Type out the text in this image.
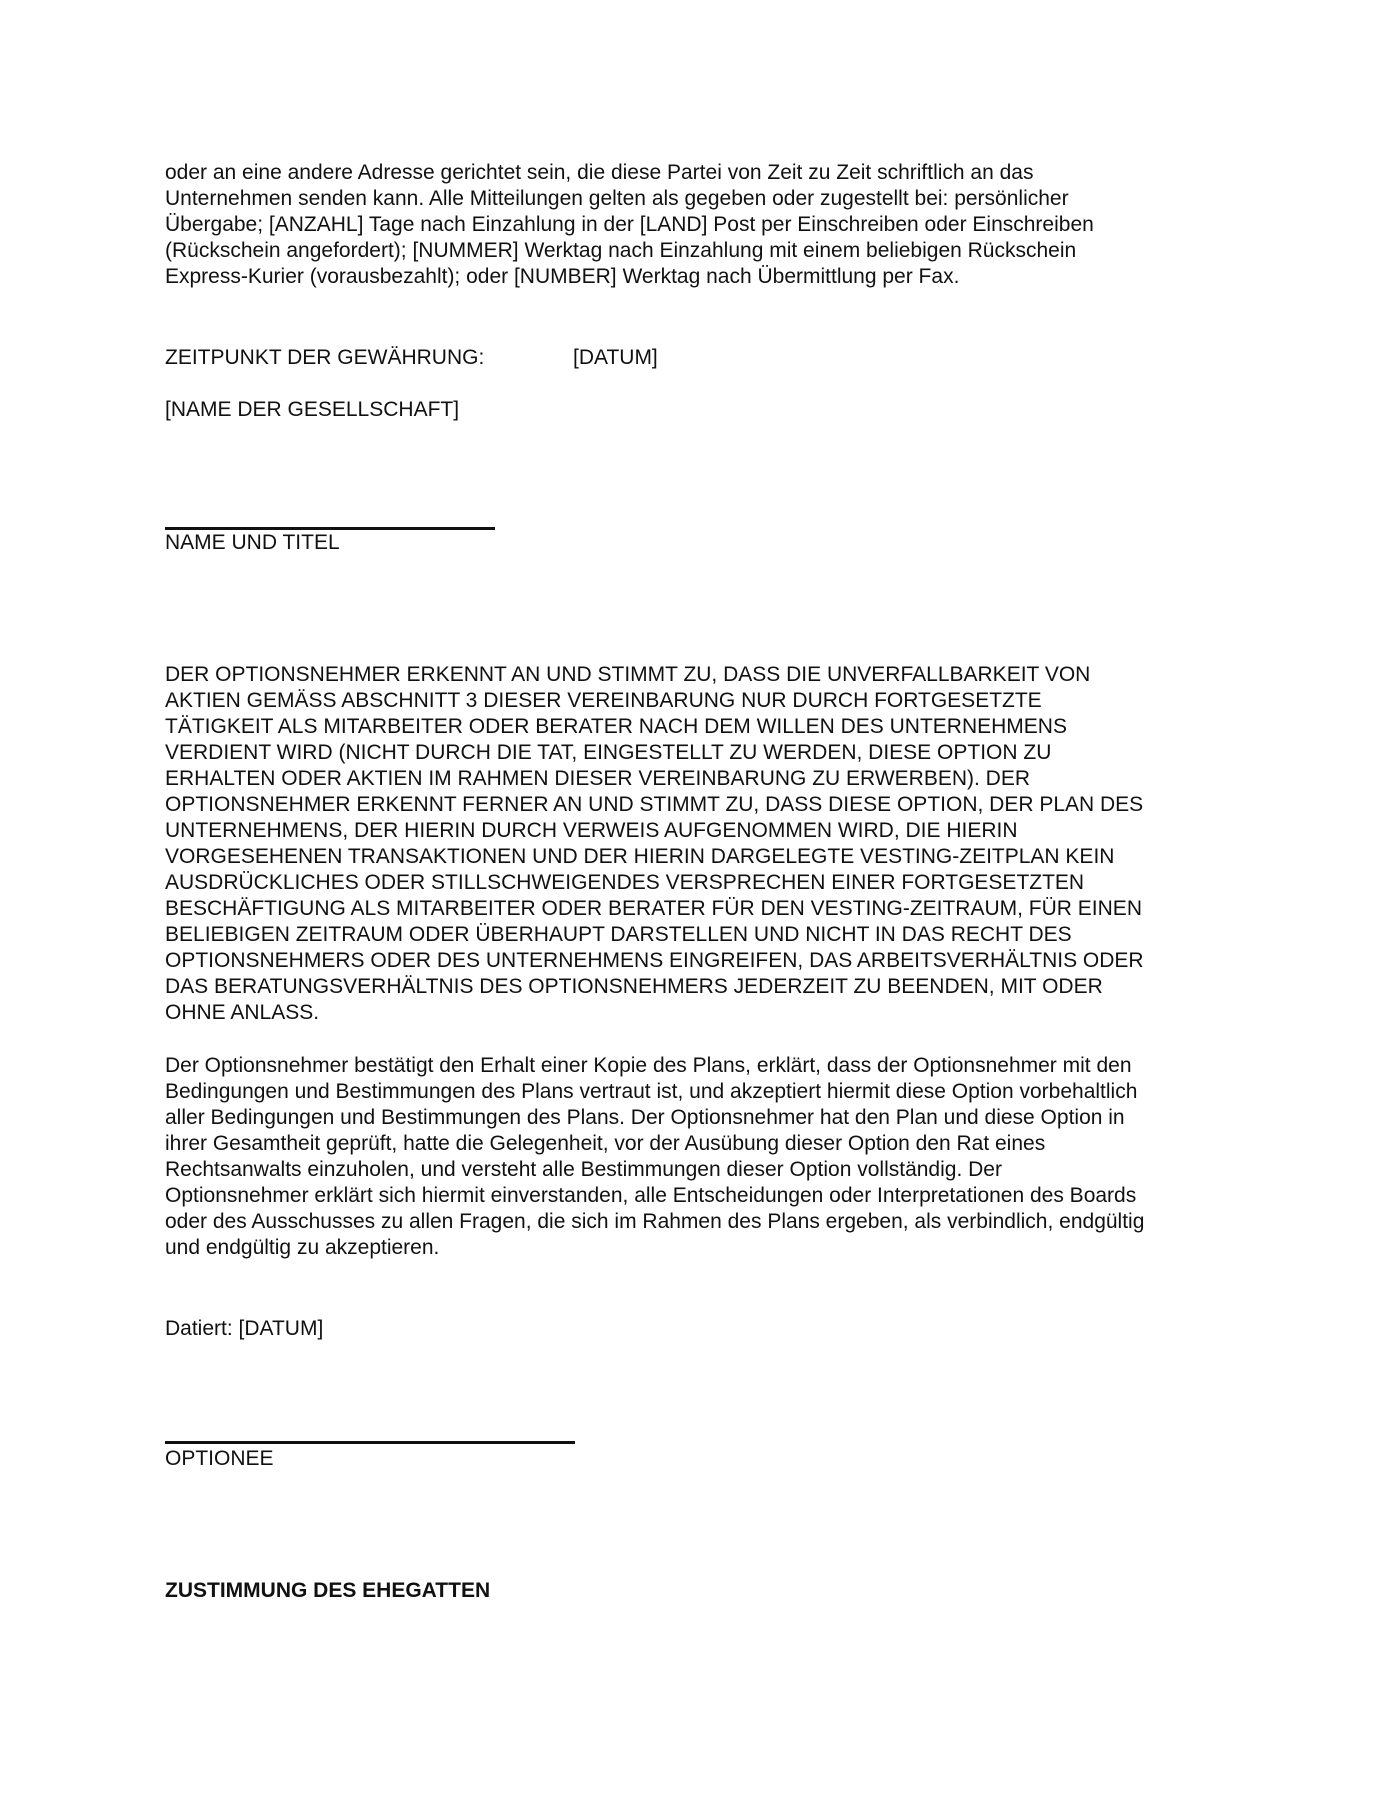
oder an eine andere Adresse gerichtet sein, die diese Partei von Zeit zu Zeit schriftlich an das
Unternehmen senden kann. Alle Mitteilungen gelten als gegeben oder zugestellt bei: persönlicher
Übergabe; [ANZAHL] Tage nach Einzahlung in der [LAND] Post per Einschreiben oder Einschreiben
(Rückschein angefordert); [NUMMER] Werktag nach Einzahlung mit einem beliebigen Rückschein
Express-Kurier (vorausbezahlt); oder [NUMBER] Werktag nach Übermittlung per Fax.

ZEITPUNKT DER GEWÄHRUNG:	[DATUM]

[NAME DER GESELLSCHAFT]

NAME UND TITEL

DER OPTIONSNEHMER ERKENNT AN UND STIMMT ZU, DASS DIE UNVERFALLBARKEIT VON
AKTIEN GEMÄSS ABSCHNITT 3 DIESER VEREINBARUNG NUR DURCH FORTGESETZTE
TÄTIGKEIT ALS MITARBEITER ODER BERATER NACH DEM WILLEN DES UNTERNEHMENS
VERDIENT WIRD (NICHT DURCH DIE TAT, EINGESTELLT ZU WERDEN, DIESE OPTION ZU
ERHALTEN ODER AKTIEN IM RAHMEN DIESER VEREINBARUNG ZU ERWERBEN). DER
OPTIONSNEHMER ERKENNT FERNER AN UND STIMMT ZU, DASS DIESE OPTION, DER PLAN DES
UNTERNEHMENS, DER HIERIN DURCH VERWEIS AUFGENOMMEN WIRD, DIE HIERIN
VORGESEHENEN TRANSAKTIONEN UND DER HIERIN DARGELEGTE VESTING-ZEITPLAN KEIN
AUSDRÜCKLICHES ODER STILLSCHWEIGENDES VERSPRECHEN EINER FORTGESETZTEN
BESCHÄFTIGUNG ALS MITARBEITER ODER BERATER FÜR DEN VESTING-ZEITRAUM, FÜR EINEN
BELIEBIGEN ZEITRAUM ODER ÜBERHAUPT DARSTELLEN UND NICHT IN DAS RECHT DES
OPTIONSNEHMERS ODER DES UNTERNEHMENS EINGREIFEN, DAS ARBEITSVERHÄLTNIS ODER
DAS BERATUNGSVERHÄLTNIS DES OPTIONSNEHMERS JEDERZEIT ZU BEENDEN, MIT ODER
OHNE ANLASS.

Der Optionsnehmer bestätigt den Erhalt einer Kopie des Plans, erklärt, dass der Optionsnehmer mit den
Bedingungen und Bestimmungen des Plans vertraut ist, und akzeptiert hiermit diese Option vorbehaltlich
aller Bedingungen und Bestimmungen des Plans. Der Optionsnehmer hat den Plan und diese Option in
ihrer Gesamtheit geprüft, hatte die Gelegenheit, vor der Ausübung dieser Option den Rat eines
Rechtsanwalts einzuholen, und versteht alle Bestimmungen dieser Option vollständig. Der
Optionsnehmer erklärt sich hiermit einverstanden, alle Entscheidungen oder Interpretationen des Boards
oder des Ausschusses zu allen Fragen, die sich im Rahmen des Plans ergeben, als verbindlich, endgültig
und endgültig zu akzeptieren.

Datiert: [DATUM]

OPTIONEE

ZUSTIMMUNG DES EHEGATTEN
